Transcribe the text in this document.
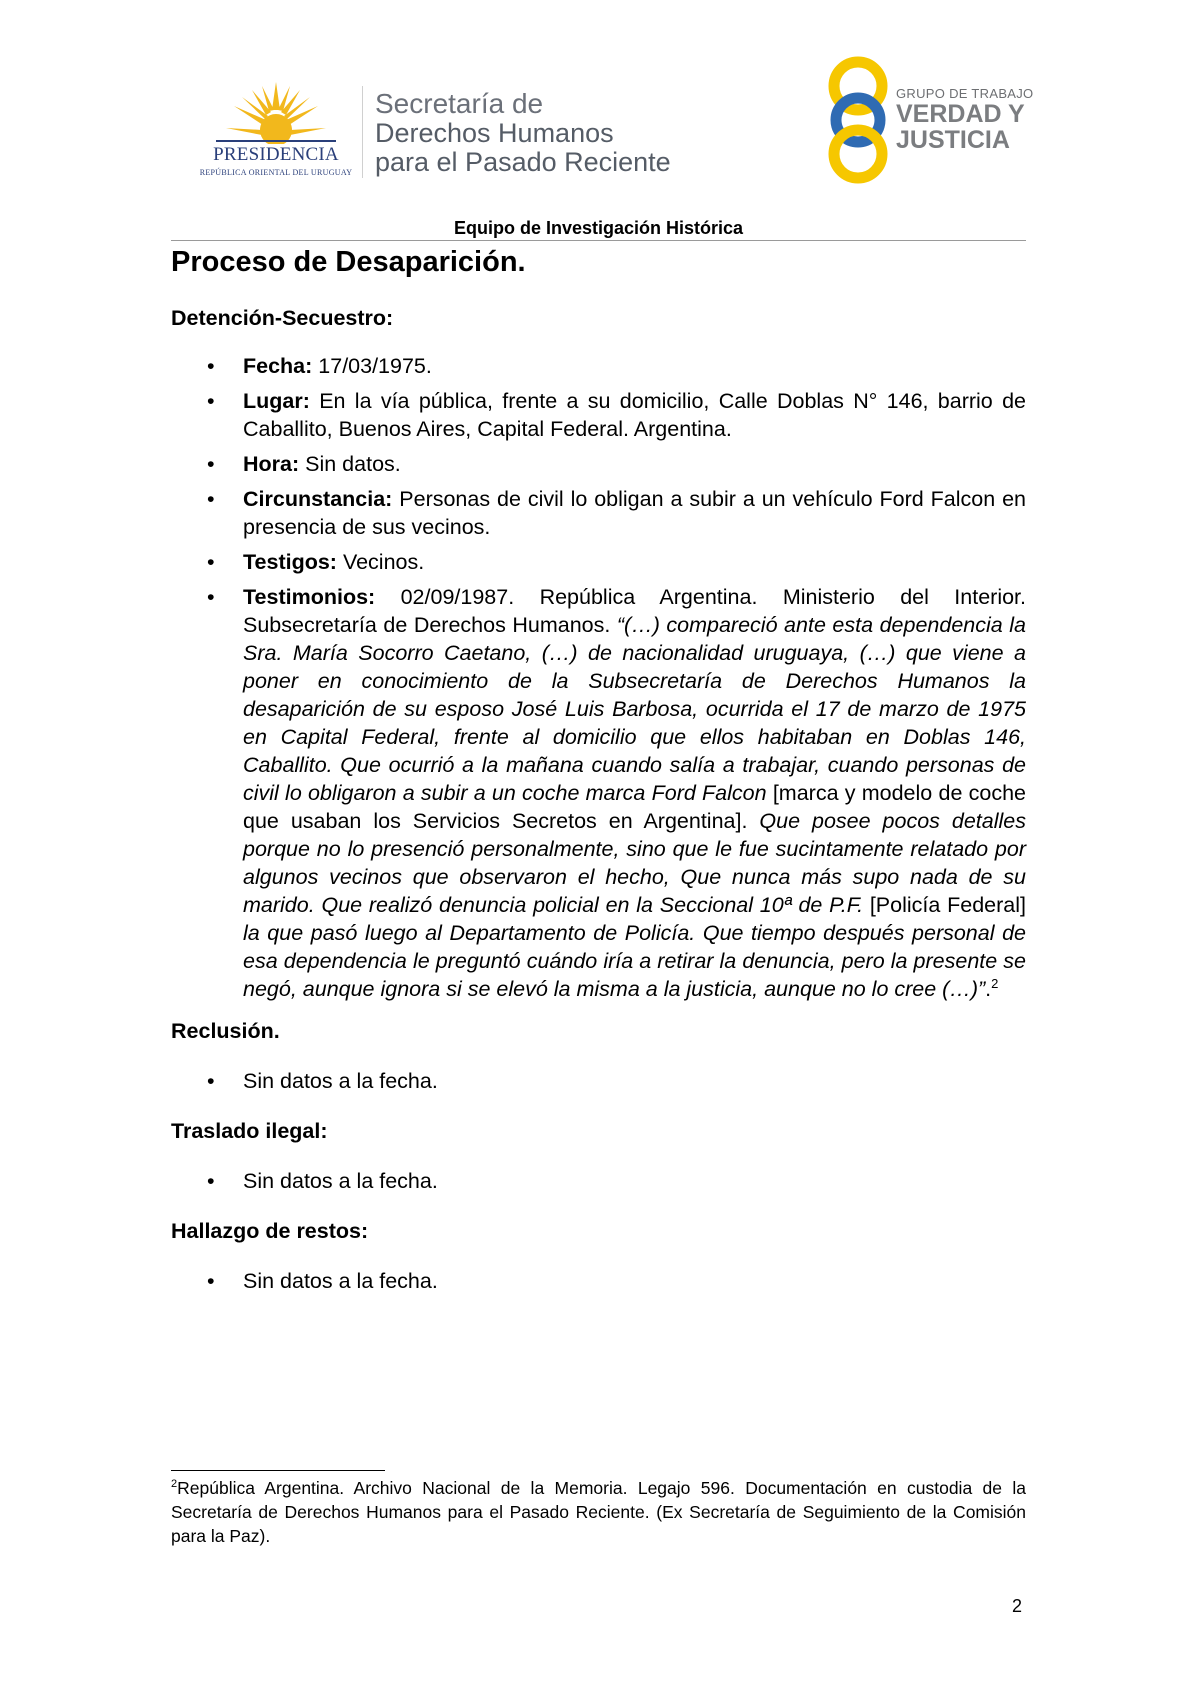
PRESIDENCIA
REPÚBLICA ORIENTAL DEL URUGUAY
Secretaría de
Derechos Humanos
para el Pasado Reciente
GRUPO DE TRABAJO
VERDAD Y
JUSTICIA
Equipo de Investigación Histórica
Proceso de Desaparición.
Detención-Secuestro:
• Fecha: 17/03/1975.
• Lugar: En la vía pública, frente a su domicilio, Calle Doblas N° 146, barrio de Caballito, Buenos Aires, Capital Federal. Argentina.
• Hora: Sin datos.
• Circunstancia: Personas de civil lo obligan a subir a un vehículo Ford Falcon en presencia de sus vecinos.
• Testigos: Vecinos.
• Testimonios: 02/09/1987. República Argentina. Ministerio del Interior. Subsecretaría de Derechos Humanos. “(…) compareció ante esta dependencia la Sra. María Socorro Caetano, (…) de nacionalidad uruguaya, (…) que viene a poner en conocimiento de la Subsecretaría de Derechos Humanos la desaparición de su esposo José Luis Barbosa, ocurrida el 17 de marzo de 1975 en Capital Federal, frente al domicilio que ellos habitaban en Doblas 146, Caballito. Que ocurrió a la mañana cuando salía a trabajar, cuando personas de civil lo obligaron a subir a un coche marca Ford Falcon [marca y modelo de coche que usaban los Servicios Secretos en Argentina]. Que posee pocos detalles porque no lo presenció personalmente, sino que le fue sucintamente relatado por algunos vecinos que observaron el hecho, Que nunca más supo nada de su marido. Que realizó denuncia policial en la Seccional 10ª de P.F. [Policía Federal] la que pasó luego al Departamento de Policía. Que tiempo después personal de esa dependencia le preguntó cuándo iría a retirar la denuncia, pero la presente se negó, aunque ignora si se elevó la misma a la justicia, aunque no lo cree (…)”.$^2$
Reclusión.
• Sin datos a la fecha.
Traslado ilegal:
• Sin datos a la fecha.
Hallazgo de restos:
• Sin datos a la fecha.
$^2$República Argentina. Archivo Nacional de la Memoria. Legajo 596. Documentación en custodia de la Secretaría de Derechos Humanos para el Pasado Reciente. (Ex Secretaría de Seguimiento de la Comisión para la Paz).
2
